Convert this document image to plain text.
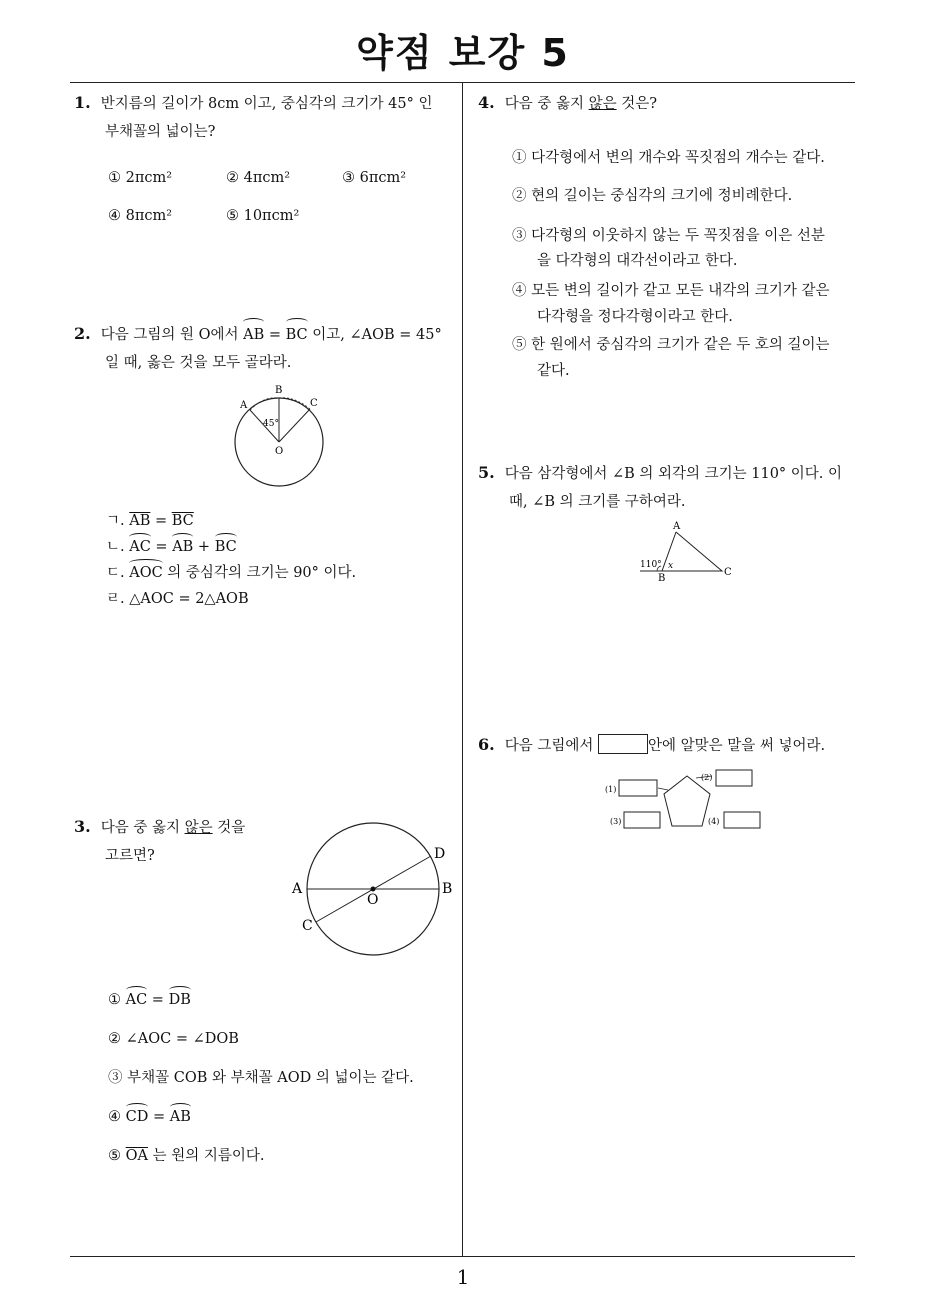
약점 보강 5
1
1. 반지름의 길이가 8cm 이고, 중심각의 크기가 45° 인
부채꼴의 넓이는?
① 2πcm²	② 4πcm²	③ 6πcm²
④ 8πcm²	⑤ 10πcm²
2. 다음 그림의 원 O에서 AB = BC 이고, ∠AOB = 45°
일 때, 옳은 것을 모두 골라라.
A
B
C
O
45°
ㄱ. $\overline{AB} = \overline{BC}$
ㄴ. AC = AB + BC
ㄷ. AOC 의 중심각의 크기는 90° 이다.
ㄹ. △AOC = 2△AOB
3. 다음 중 옳지 않은 것을
고르면?
A	B
C
D
O
① AC = DB
② ∠AOC = ∠DOB
③ 부채꼴 COB 와 부채꼴 AOD 의 넓이는 같다.
④ CD = AB
⑤ $\overline{OA}$ 는 원의 지름이다.
4. 다음 중 옳지 않은 것은?
① 다각형에서 변의 개수와 꼭짓점의 개수는 같다.
② 현의 길이는 중심각의 크기에 정비례한다.
③ 다각형의 이웃하지 않는 두 꼭짓점을 이은 선분
을 다각형의 대각선이라고 한다.
④ 모든 변의 길이가 같고 모든 내각의 크기가 같은
다각형을 정다각형이라고 한다.
⑤ 한 원에서 중심각의 크기가 같은 두 호의 길이는
같다.
5. 다음 삼각형에서 ∠B 의 외각의 크기는 110° 이다. 이
때, ∠B 의 크기를 구하여라.
A
B
C
110° x
6. 다음 그림에서	안에 알맞은 말을 써 넣어라.
(1)
(2)
(3)	(4)
